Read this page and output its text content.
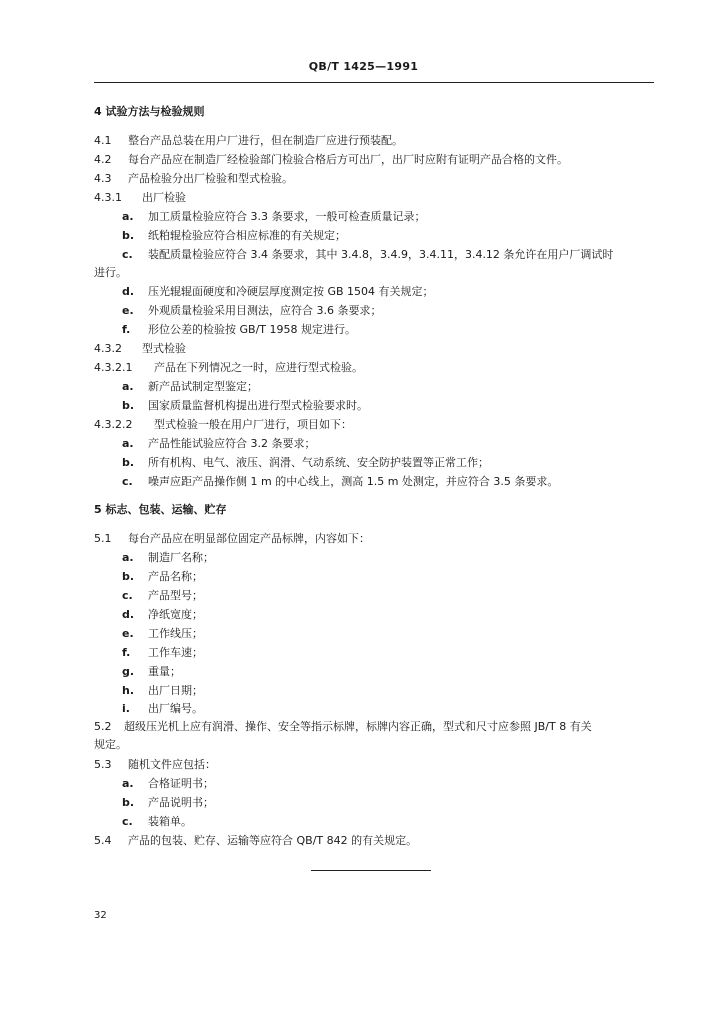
QB/T 1425—1991
4 试验方法与检验规则
4.1 整台产品总装在用户厂进行，但在制造厂应进行预装配。
4.2 每台产品应在制造厂经检验部门检验合格后方可出厂，出厂时应附有证明产品合格的文件。
4.3 产品检验分出厂检验和型式检验。
4.3.1 出厂检验
a. 加工质量检验应符合 3.3 条要求，一般可检查质量记录；
b. 纸粕辊检验应符合相应标准的有关规定；
c. 装配质量检验应符合 3.4 条要求，其中 3.4.8，3.4.9，3.4.11，3.4.12 条允许在用户厂调试时
进行。
d. 压光辊辊面硬度和冷硬层厚度测定按 GB 1504 有关规定；
e. 外观质量检验采用目测法，应符合 3.6 条要求；
f. 形位公差的检验按 GB/T 1958 规定进行。
4.3.2 型式检验
4.3.2.1 产品在下列情况之一时，应进行型式检验。
a. 新产品试制定型鉴定；
b. 国家质量监督机构提出进行型式检验要求时。
4.3.2.2 型式检验一般在用户厂进行，项目如下：
a. 产品性能试验应符合 3.2 条要求；
b. 所有机构、电气、液压、润滑、气动系统、安全防护装置等正常工作；
c. 噪声应距产品操作侧 1 m 的中心线上，测高 1.5 m 处测定，并应符合 3.5 条要求。
5 标志、包装、运输、贮存
5.1 每台产品应在明显部位固定产品标牌，内容如下：
a. 制造厂名称；
b. 产品名称；
c. 产品型号；
d. 净纸宽度；
e. 工作线压；
f. 工作车速；
g. 重量；
h. 出厂日期；
i. 出厂编号。
5.2 超级压光机上应有润滑、操作、安全等指示标牌，标牌内容正确，型式和尺寸应参照 JB/T 8 有关
规定。
5.3 随机文件应包括：
a. 合格证明书；
b. 产品说明书；
c. 装箱单。
5.4 产品的包装、贮存、运输等应符合 QB/T 842 的有关规定。
32
